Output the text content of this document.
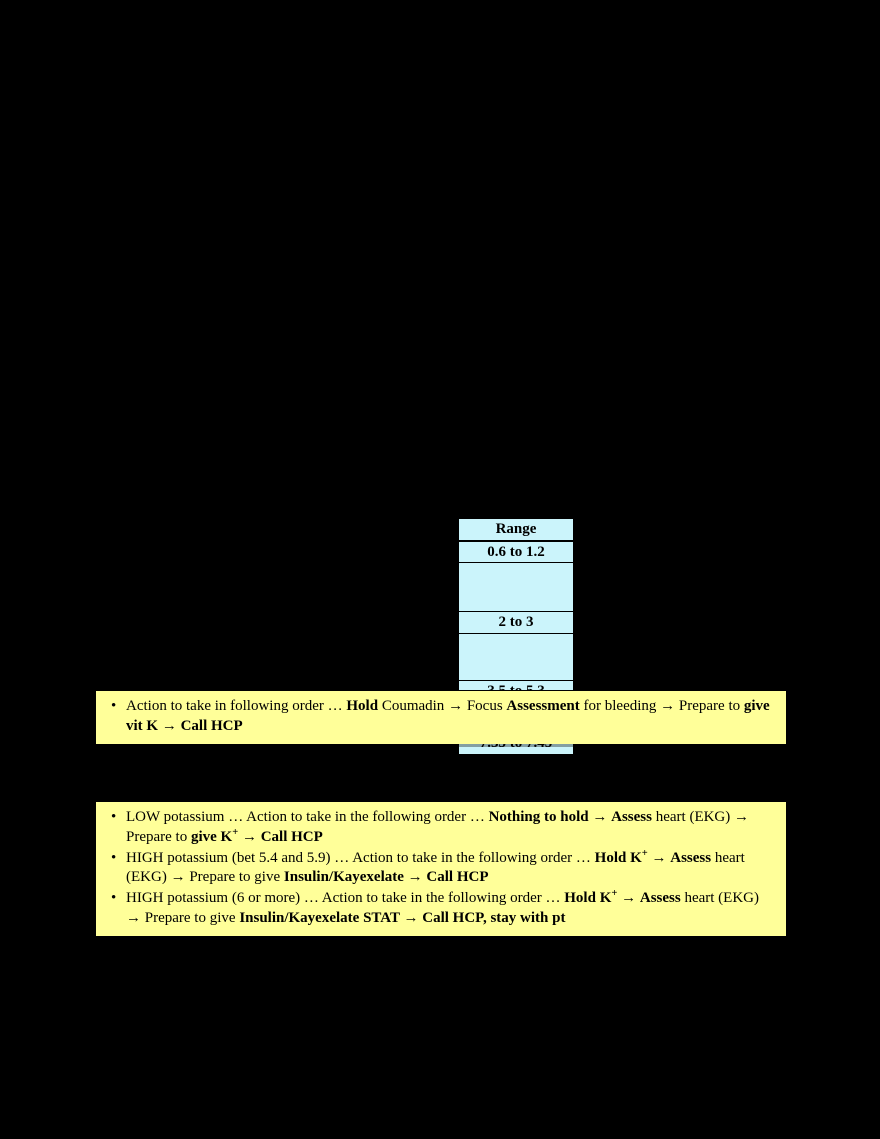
Range
0.6 to 1.2

2 to 3

• Action to take in following order … Hold Coumadin → Focus Assessment for bleeding → Prepare to give vit K → Call HCP
• LOW potassium … Action to take in the following order … Nothing to hold → Assess heart (EKG) → Prepare to give K+ → Call HCP
• HIGH potassium (bet 5.4 and 5.9) … Action to take in the following order … Hold K+ → Assess heart (EKG) → Prepare to give Insulin/Kayexelate → Call HCP
• HIGH potassium (6 or more) … Action to take in the following order … Hold K+ → Assess heart (EKG) → Prepare to give Insulin/Kayexelate STAT → Call HCP, stay with pt
